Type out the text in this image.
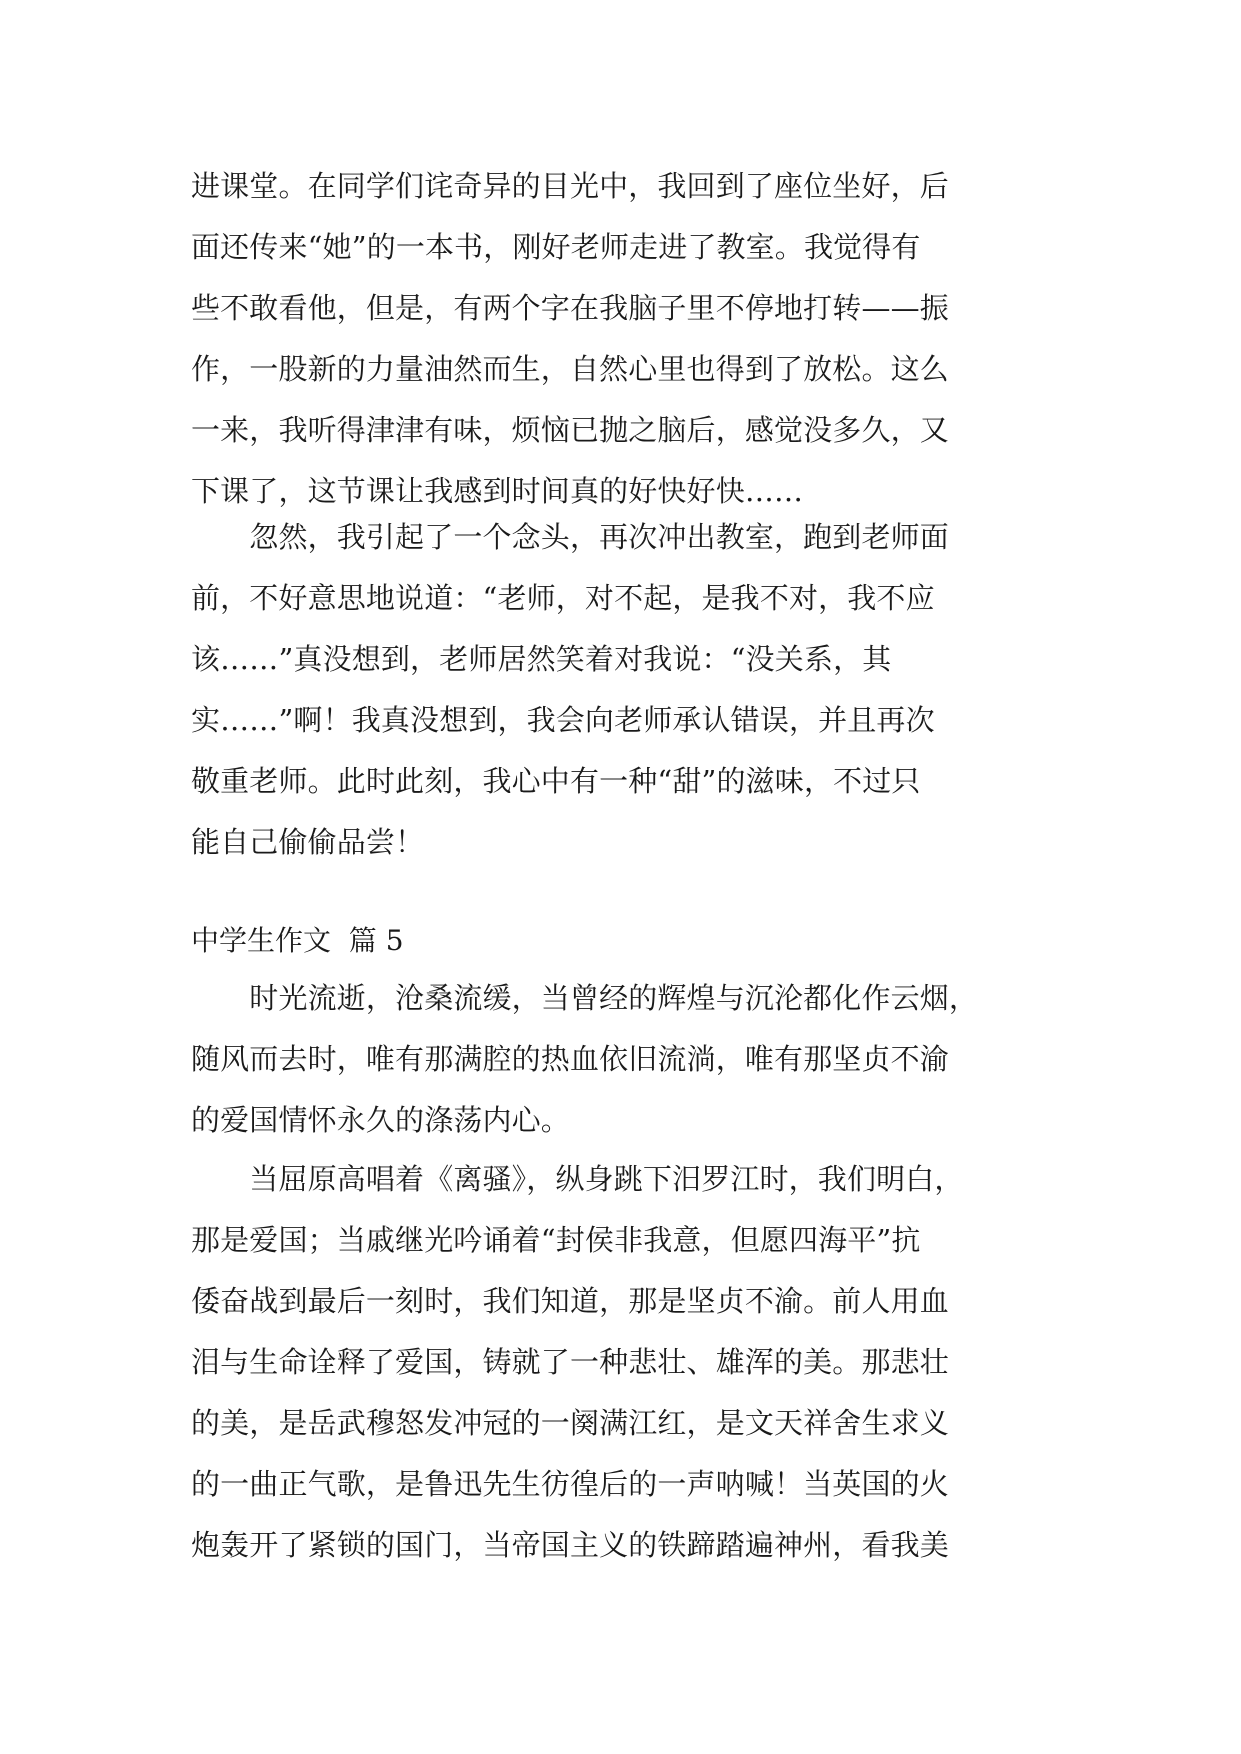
进课堂。在同学们诧奇异的目光中，我回到了座位坐好，后
面还传来“她”的一本书，刚好老师走进了教室。我觉得有
些不敢看他，但是，有两个字在我脑子里不停地打转——振
作，一股新的力量油然而生，自然心里也得到了放松。这么
一来，我听得津津有味，烦恼已抛之脑后，感觉没多久，又
下课了，这节课让我感到时间真的好快好快……
　　忽然，我引起了一个念头，再次冲出教室，跑到老师面
前，不好意思地说道：“老师，对不起，是我不对，我不应
该……”真没想到，老师居然笑着对我说：“没关系，其
实……”啊！我真没想到，我会向老师承认错误，并且再次
敬重老师。此时此刻，我心中有一种“甜”的滋味，不过只
能自己偷偷品尝！
中学生作文  篇 5
　　时光流逝，沧桑流缓，当曾经的辉煌与沉沦都化作云烟，
随风而去时，唯有那满腔的热血依旧流淌，唯有那坚贞不渝
的爱国情怀永久的涤荡内心。
　　当屈原高唱着《离骚》，纵身跳下汨罗江时，我们明白，
那是爱国；当戚继光吟诵着“封侯非我意，但愿四海平”抗
倭奋战到最后一刻时，我们知道，那是坚贞不渝。前人用血
泪与生命诠释了爱国，铸就了一种悲壮、雄浑的美。那悲壮
的美，是岳武穆怒发冲冠的一阕满江红，是文天祥舍生求义
的一曲正气歌，是鲁迅先生彷徨后的一声呐喊！当英国的火
炮轰开了紧锁的国门，当帝国主义的铁蹄踏遍神州，看我美
